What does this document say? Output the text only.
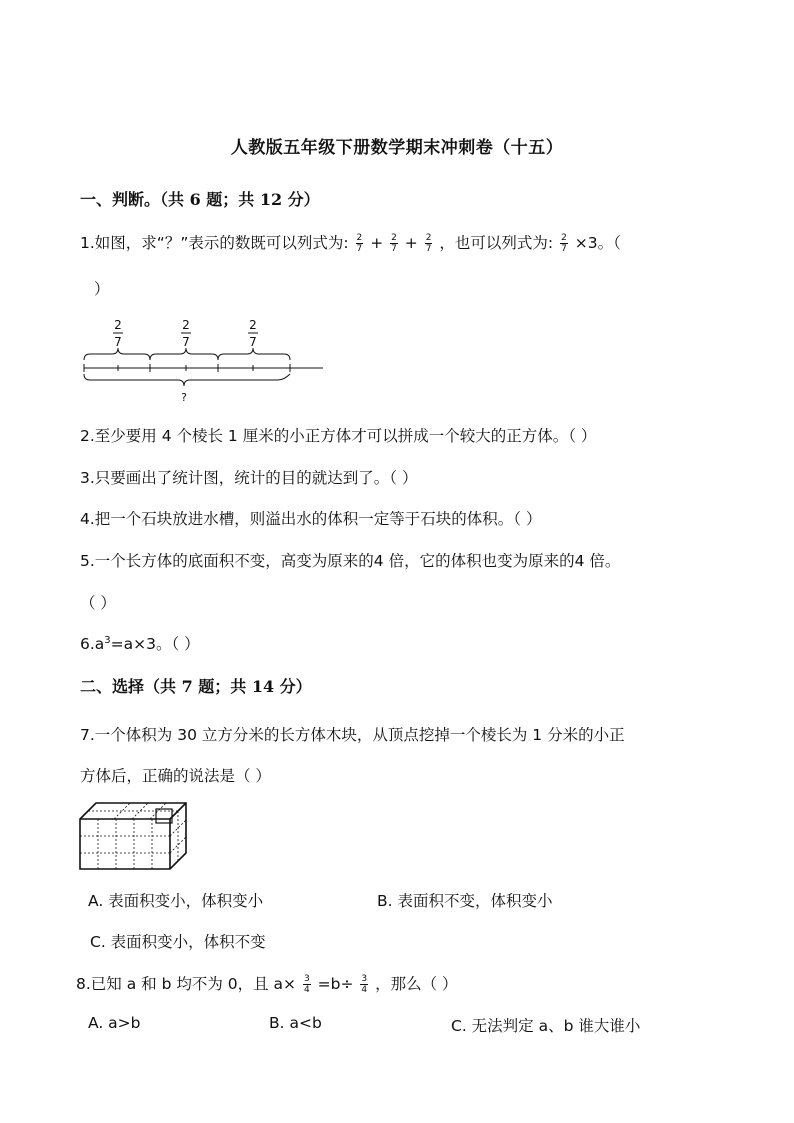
人教版五年级下册数学期末冲刺卷（十五）
一、判断。（共 6 题；共 12 分）
1.如图，求“？”表示的数既可以列式为: $\frac{2}{7} + \frac{2}{7} + \frac{2}{7}$ ，也可以列式为: $\frac{2}{7} \times 3$。（
）
2
7
2
7
2
7
?
2.至少要用 4 个棱长 1 厘米的小正方体才可以拼成一个较大的正方体。（ ）
3.只要画出了统计图，统计的目的就达到了。（ ）
4.把一个石块放进水槽，则溢出水的体积一定等于石块的体积。（ ）
5.一个长方体的底面积不变，高变为原来的4 倍，它的体积也变为原来的4 倍。
（ ）
$6.a^3=a\times 3$。（ ）
二、选择（共 7 题；共 14 分）
7.一个体积为 30 立方分米的长方体木块，从顶点挖掉一个棱长为 1 分米的小正
方体后，正确的说法是（ ）
A. 表面积变小，体积变小	B. 表面积不变，体积变小
C. 表面积变小，体积不变
8.已知 a 和 b 均不为 0，且 $a\times \frac{3}{4} =b\div \frac{3}{4}$ ，那么（ ）
A. a>b	B. a<b	C. 无法判定 a、b 谁大谁小
